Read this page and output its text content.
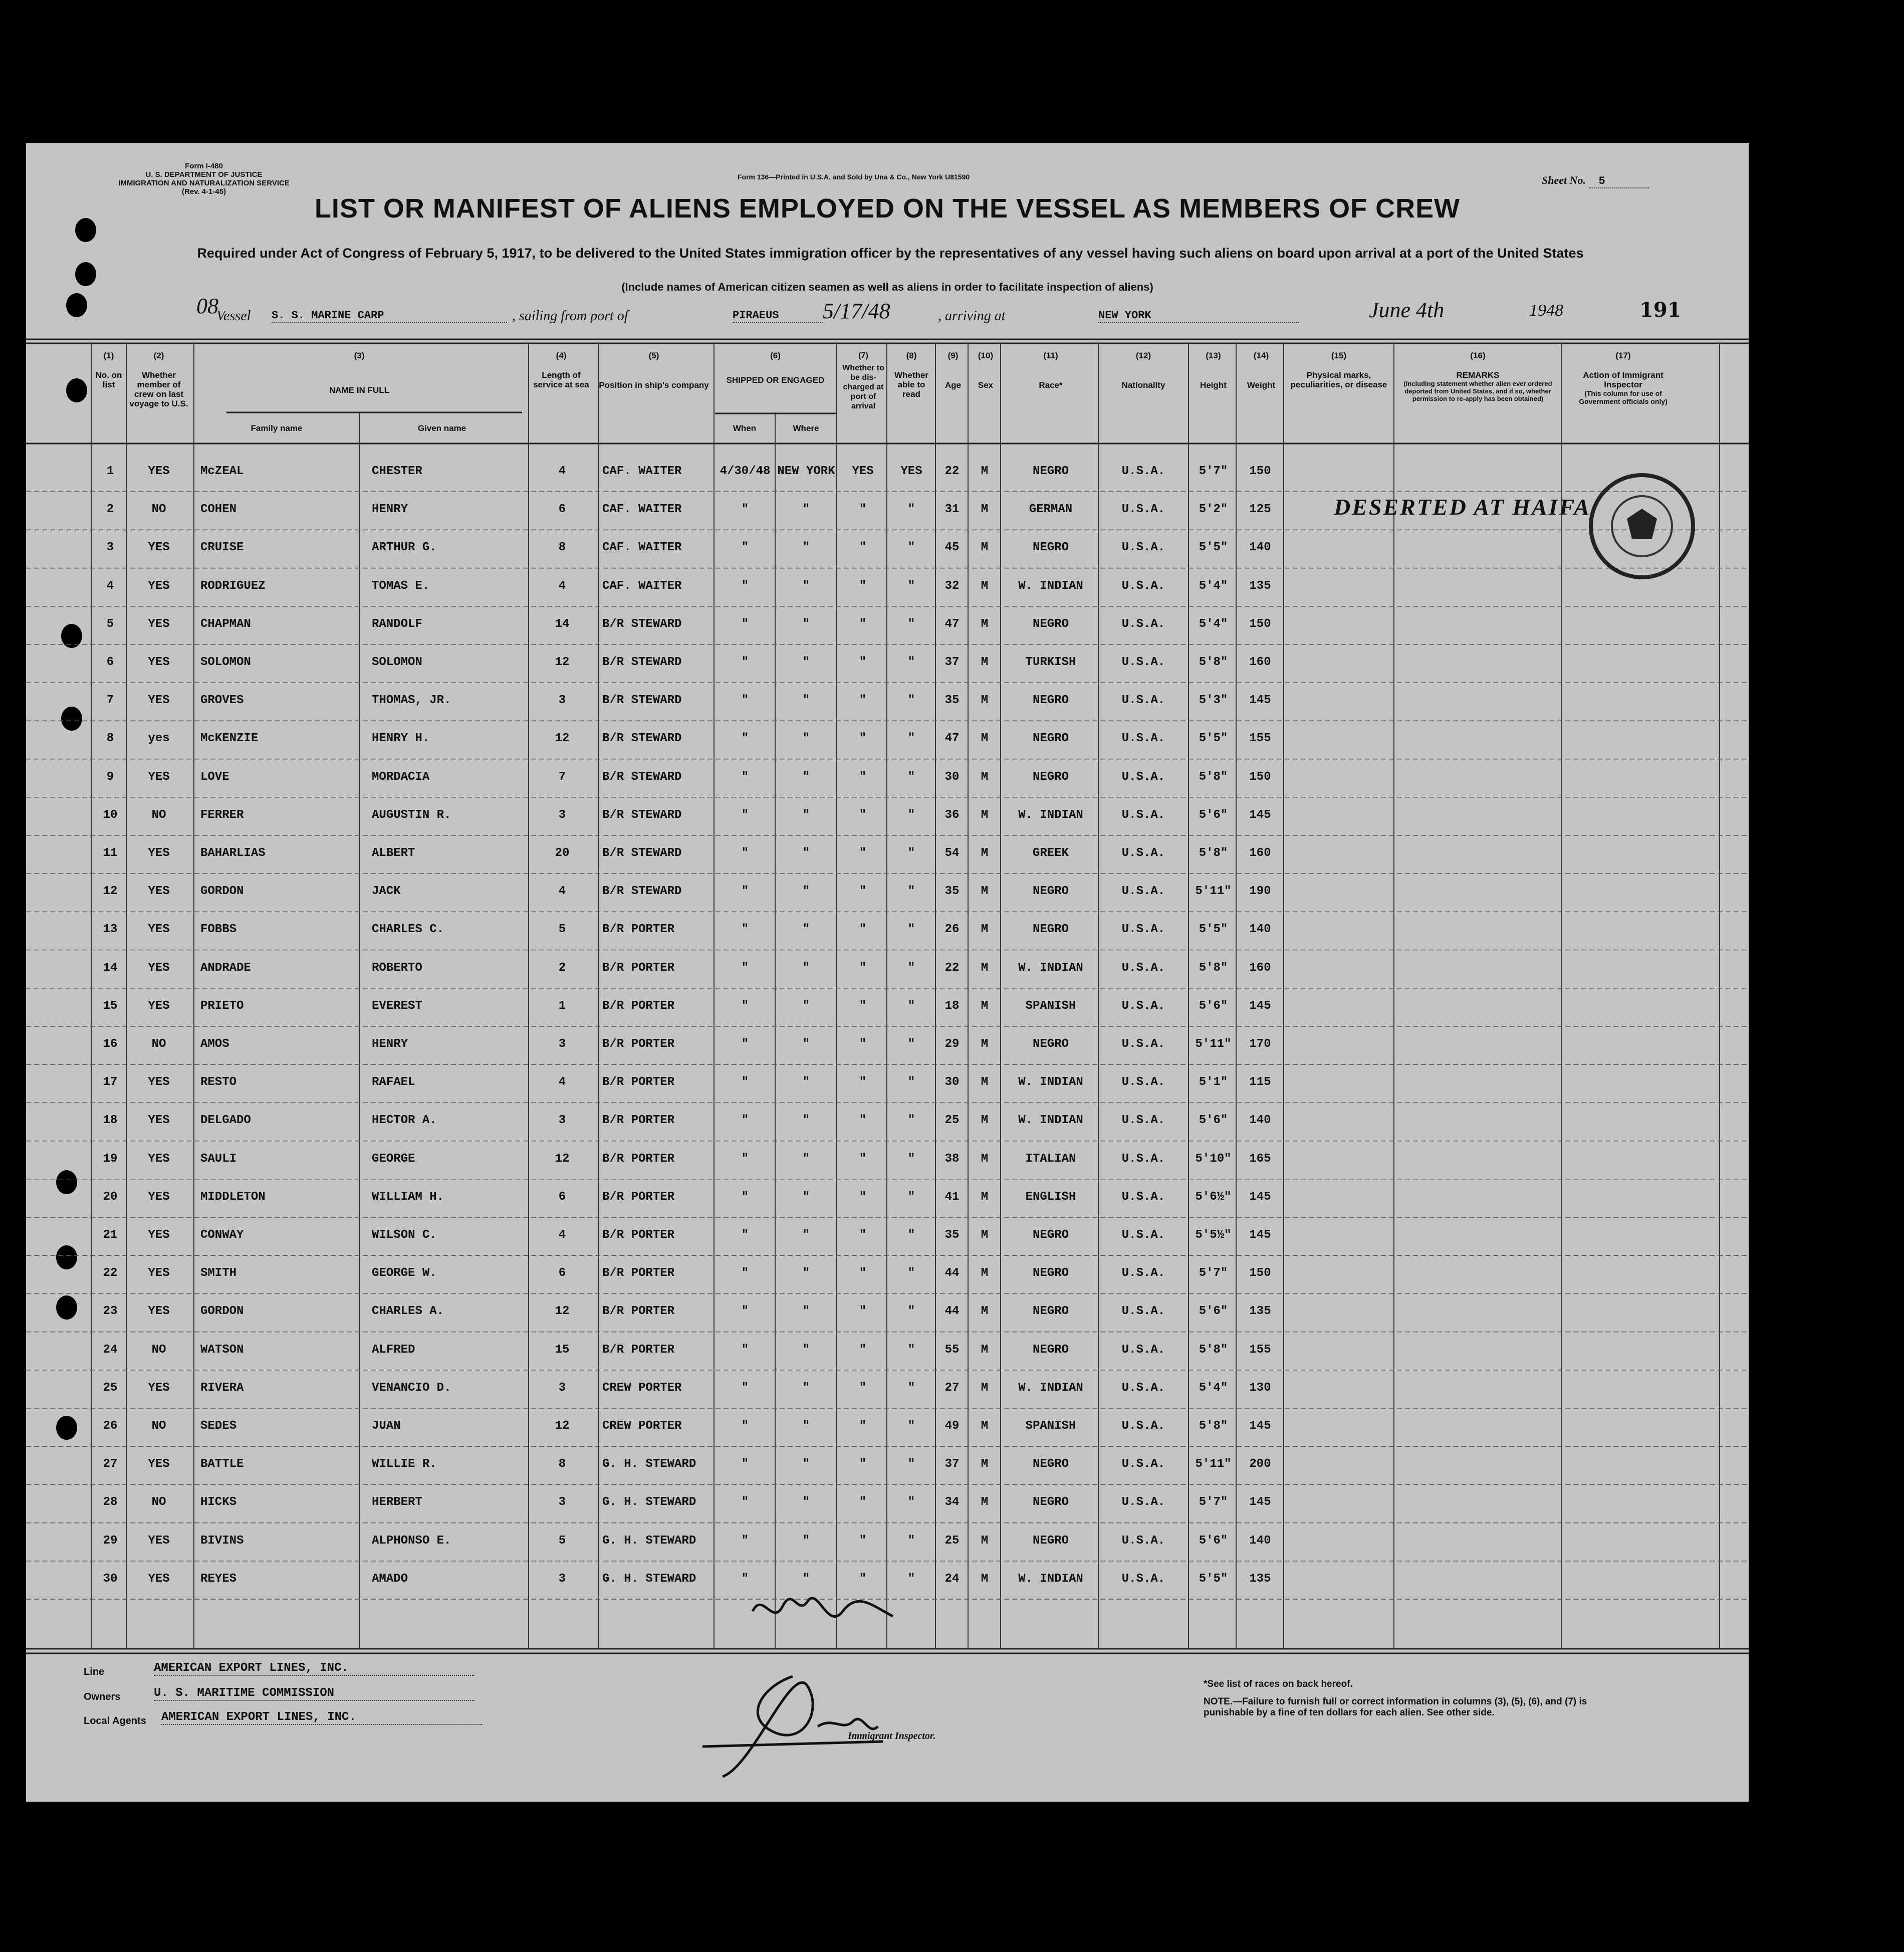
Form I-480
U. S. DEPARTMENT OF JUSTICE
IMMIGRATION AND NATURALIZATION SERVICE
(Rev. 4-1-45)
Form 136—Printed in U.S.A. and Sold by Una & Co., New York U81590	Sheet No. 5
LIST OR MANIFEST OF ALIENS EMPLOYED ON THE VESSEL AS MEMBERS OF CREW
Required under Act of Congress of February 5, 1917, to be delivered to the United States immigration officer by the representatives of any vessel having such aliens on board upon arrival at a port of the United States
(Include names of American citizen seamen as well as aliens in order to facilitate inspection of aliens)
191
08
Vessel S. S. MARINE CARP	, sailing from port of	PIRAEUS	5/17/48	, arriving at	NEW YORK	June 4th	1948
(1)
No. on list
(2)
Whether member of crew on last voyage to U.S.
(3)
NAME IN FULL
Family name	Given name
(4)
Length of service at sea
(5)
Position in ship's company
(6)
SHIPPED OR ENGAGED
When	Where
(7)
Whether to be dis-charged at port of arrival
(8)
Whether able to read
(9)
Age
(10)
Sex
(11)
Race*
(12)
Nationality
(13)
Height
(14)
Weight
(15)
Physical marks, peculiarities, or disease
(16)
REMARKS
(Including statement whether alien ever ordered deported from United States, and if so, whether permission to re-apply has been obtained)
(17)
Action of Immigrant Inspector
(This column for use of Government officials only)
1	YES	McZEAL	CHESTER	4	CAF. WAITER	4/30/48 NEW YORK	YES	YES	22	M	NEGRO	U.S.A.	5'7"	150
2	NO	COHEN	HENRY	6	CAF. WAITER	"	"	"	"	31	M	GERMAN	U.S.A.	5'2"	125	DESERTED AT HAIFA
3	YES	CRUISE	ARTHUR G.	8	CAF. WAITER	"	"	"	"	45	M	NEGRO	U.S.A.	5'5"	140
4	YES	RODRIGUEZ	TOMAS E.	4	CAF. WAITER	"	"	"	"	32	M	W. INDIAN	U.S.A.	5'4"	135
5	YES	CHAPMAN	RANDOLF	14	B/R STEWARD	"	"	"	"	47	M	NEGRO	U.S.A.	5'4"	150
6	YES	SOLOMON	SOLOMON	12	B/R STEWARD	"	"	"	"	37	M	TURKISH	U.S.A.	5'8"	160
7	YES	GROVES	THOMAS, JR.	3	B/R STEWARD	"	"	"	"	35	M	NEGRO	U.S.A.	5'3"	145
8	yes	McKENZIE	HENRY H.	12	B/R STEWARD	"	"	"	"	47	M	NEGRO	U.S.A.	5'5"	155
9	YES	LOVE	MORDACIA	7	B/R STEWARD	"	"	"	"	30	M	NEGRO	U.S.A.	5'8"	150
10	NO	FERRER	AUGUSTIN R.	3	B/R STEWARD	"	"	"	"	36	M	W. INDIAN	U.S.A.	5'6"	145
11	YES	BAHARLIAS	ALBERT	20	B/R STEWARD	"	"	"	"	54	M	GREEK	U.S.A.	5'8"	160
12	YES	GORDON	JACK	4	B/R STEWARD	"	"	"	"	35	M	NEGRO	U.S.A.	5'11"	190
13	YES	FOBBS	CHARLES C.	5	B/R PORTER	"	"	"	"	26	M	NEGRO	U.S.A.	5'5"	140
14	YES	ANDRADE	ROBERTO	2	B/R PORTER	"	"	"	"	22	M	W. INDIAN	U.S.A.	5'8"	160
15	YES	PRIETO	EVEREST	1	B/R PORTER	"	"	"	"	18	M	SPANISH	U.S.A.	5'6"	145
16	NO	AMOS	HENRY	3	B/R PORTER	"	"	"	"	29	M	NEGRO	U.S.A.	5'11"	170
17	YES	RESTO	RAFAEL	4	B/R PORTER	"	"	"	"	30	M	W. INDIAN	U.S.A.	5'1"	115
18	YES	DELGADO	HECTOR A.	3	B/R PORTER	"	"	"	"	25	M	W. INDIAN	U.S.A.	5'6"	140
19	YES	SAULI	GEORGE	12	B/R PORTER	"	"	"	"	38	M	ITALIAN	U.S.A.	5'10"	165
20	YES	MIDDLETON	WILLIAM H.	6	B/R PORTER	"	"	"	"	41	M	ENGLISH	U.S.A.	5'6½"	145
21	YES	CONWAY	WILSON C.	4	B/R PORTER	"	"	"	"	35	M	NEGRO	U.S.A.	5'5½"	145
22	YES	SMITH	GEORGE W.	6	B/R PORTER	"	"	"	"	44	M	NEGRO	U.S.A.	5'7"	150
23	YES	GORDON	CHARLES A.	12	B/R PORTER	"	"	"	"	44	M	NEGRO	U.S.A.	5'6"	135
24	NO	WATSON	ALFRED	15	B/R PORTER	"	"	"	"	55	M	NEGRO	U.S.A.	5'8"	155
25	YES	RIVERA	VENANCIO D.	3	CREW PORTER	"	"	"	"	27	M	W. INDIAN	U.S.A.	5'4"	130
26	NO	SEDES	JUAN	12	CREW PORTER	"	"	"	"	49	M	SPANISH	U.S.A.	5'8"	145
27	YES	BATTLE	WILLIE R.	8	G. H. STEWARD	"	"	"	"	37	M	NEGRO	U.S.A.	5'11"	200
28	NO	HICKS	HERBERT	3	G. H. STEWARD	"	"	"	"	34	M	NEGRO	U.S.A.	5'7"	145
29	YES	BIVINS	ALPHONSO E.	5	G. H. STEWARD	"	"	"	"	25	M	NEGRO	U.S.A.	5'6"	140
30	YES	REYES	AMADO	3	G. H. STEWARD	"	"	"	"	24	M	W. INDIAN	U.S.A.	5'5"	135
Line	AMERICAN EXPORT LINES, INC.
Owners	U. S. MARITIME COMMISSION
Local Agents AMERICAN EXPORT LINES, INC.
Immigrant Inspector.
*See list of races on back hereof.
NOTE.—Failure to furnish full or correct information in columns (3), (5), (6), and (7) is punishable by a fine of ten dollars for each alien. See other side.
